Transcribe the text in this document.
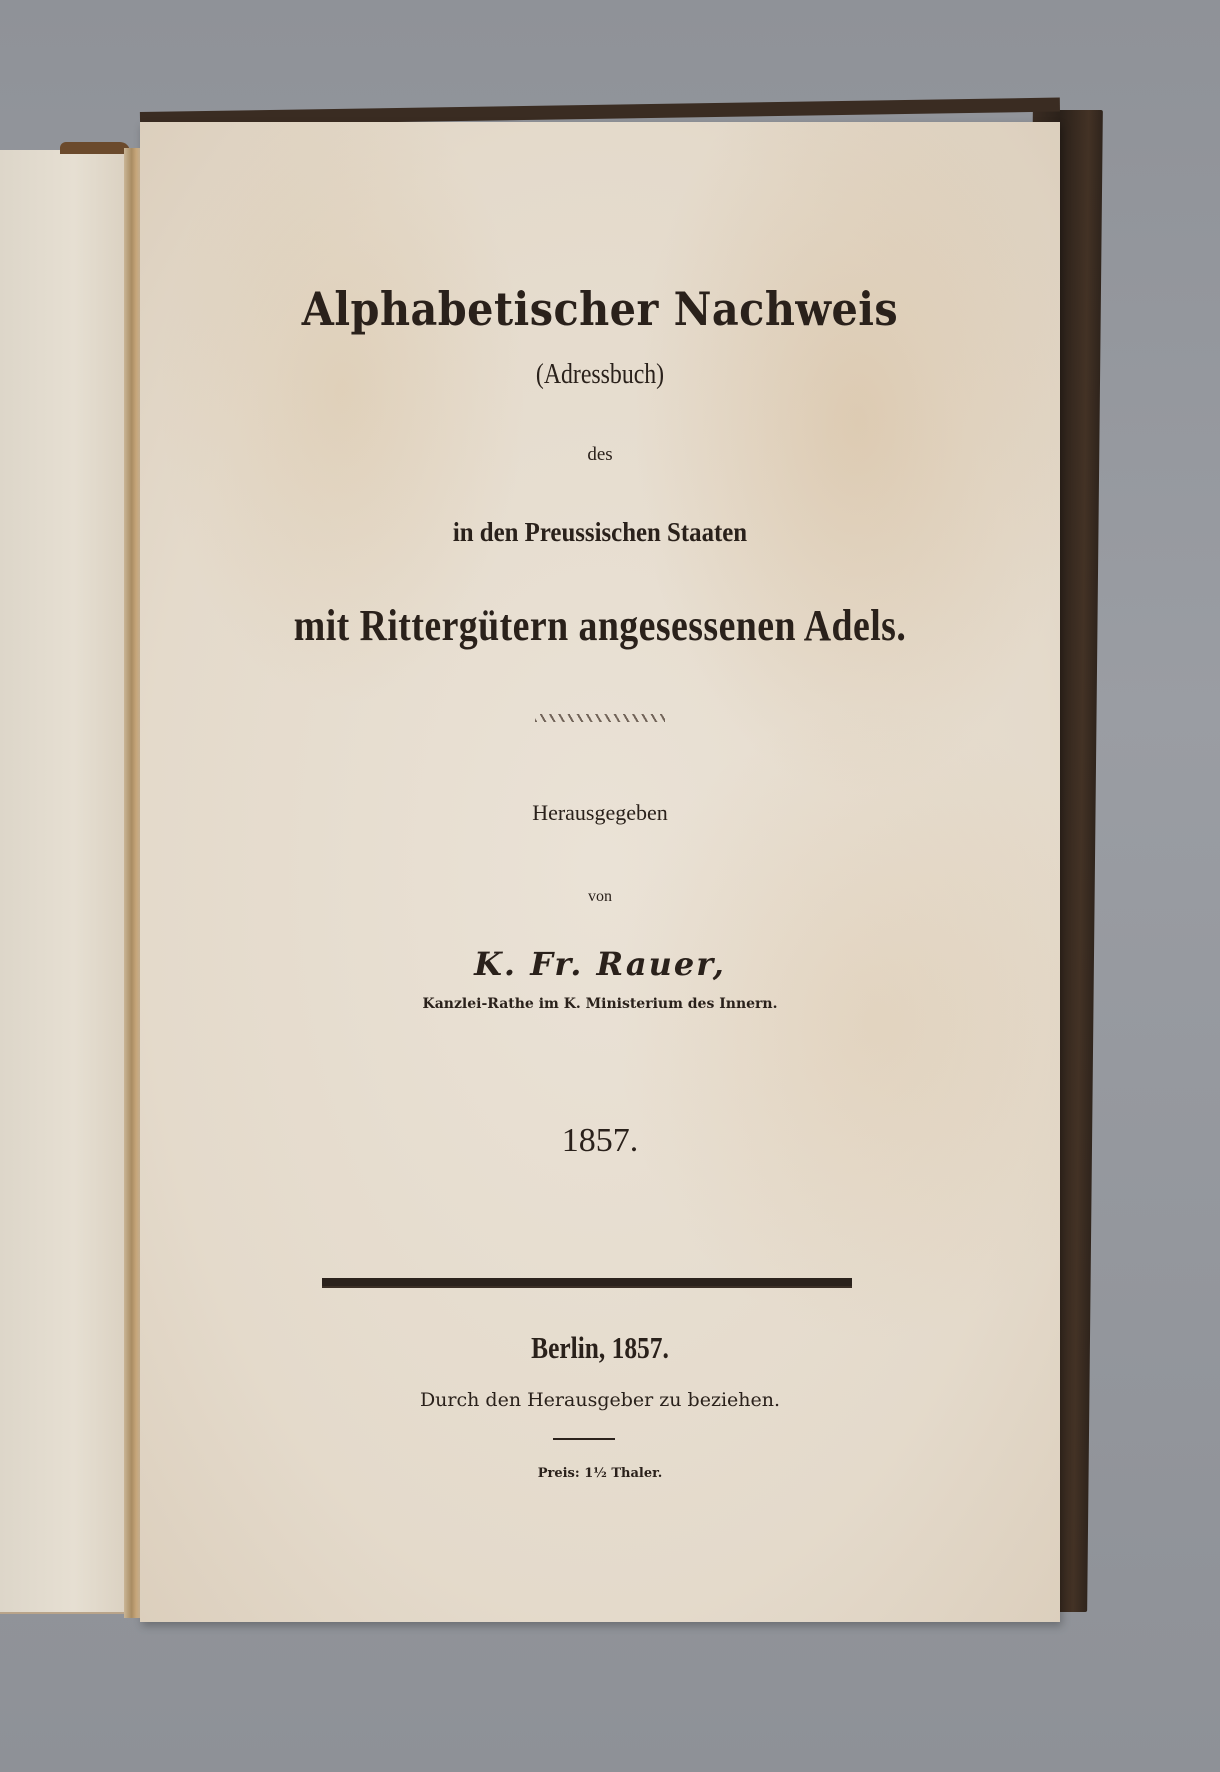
Alphabetischer Nachweis
(Adressbuch)
des
in den Preussischen Staaten
mit Rittergütern angesessenen Adels.
Herausgegeben
von
K. Fr. Rauer,
Kanzlei-Rathe im K. Ministerium des Innern.
1857.
Berlin, 1857.
Durch den Herausgeber zu beziehen.
Preis: 1½ Thaler.
